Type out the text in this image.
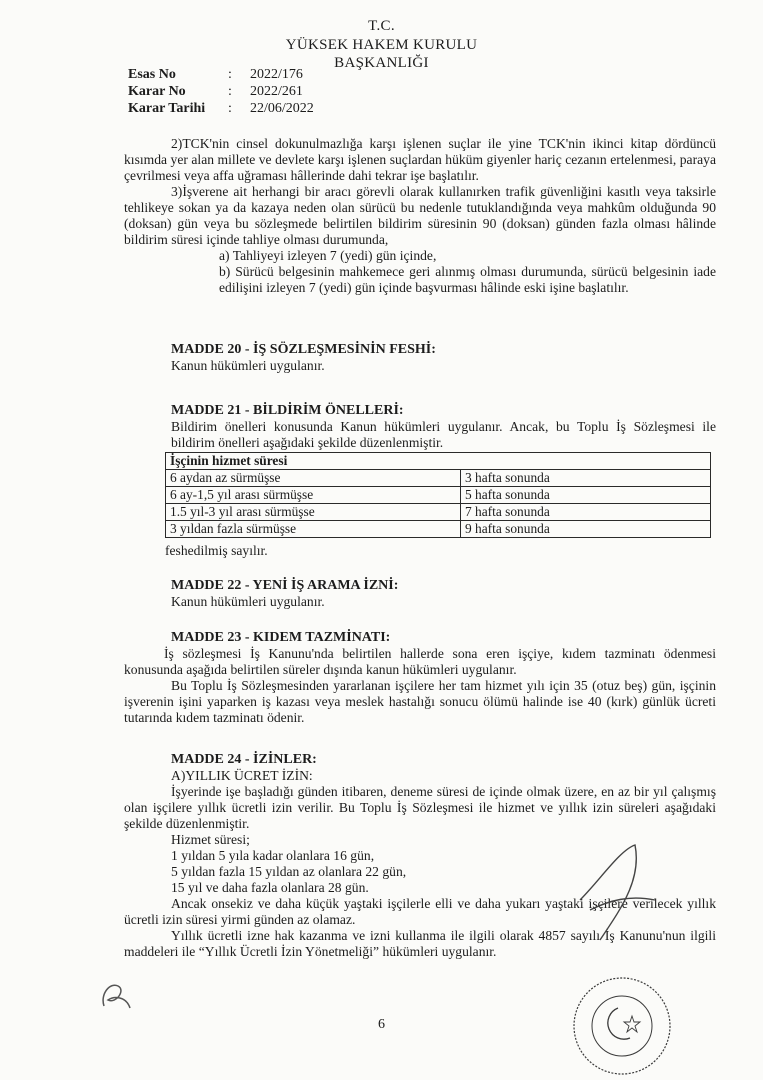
T.C.
YÜKSEK HAKEM KURULU
BAŞKANLIĞI
Esas No	:	2022/176
Karar No	:	2022/261
Karar Tarihi	:	22/06/2022

2)TCK'nin cinsel dokunulmazlığa karşı işlenen suçlar ile yine TCK'nin ikinci kitap dördüncü kısımda yer alan millete ve devlete karşı işlenen suçlardan hüküm giyenler hariç cezanın ertelenmesi, paraya çevrilmesi veya affa uğraması hâllerinde dahi tekrar işe başlatılır.

3)İşverene ait herhangi bir aracı görevli olarak kullanırken trafik güvenliğini kasıtlı veya taksirle tehlikeye sokan ya da kazaya neden olan sürücü bu nedenle tutuklandığında veya mahkûm olduğunda 90 (doksan) gün veya bu sözleşmede belirtilen bildirim süresinin 90 (doksan) günden fazla olması hâlinde bildirim süresi içinde tahliye olması durumunda,

a) Tahliyeyi izleyen 7 (yedi) gün içinde,

b) Sürücü belgesinin mahkemece geri alınmış olması durumunda, sürücü belgesinin iade edilişini izleyen 7 (yedi) gün içinde başvurması hâlinde eski işine başlatılır.

MADDE 20 - İŞ SÖZLEŞMESİNİN FESHİ:

Kanun hükümleri uygulanır.

MADDE 21 - BİLDİRİM ÖNELLERİ:

Bildirim önelleri konusunda Kanun hükümleri uygulanır. Ancak, bu Toplu İş Sözleşmesi ile bildirim önelleri aşağıdaki şekilde düzenlenmiştir.

İşçinin hizmet süresi	
6 aydan az sürmüşse	3 hafta sonunda
6 ay-1,5 yıl arası sürmüşse	5 hafta sonunda
1.5 yıl-3 yıl arası sürmüşse	7 hafta sonunda
3 yıldan fazla sürmüşse	9 hafta sonunda
feshedilmiş sayılır.

MADDE 22 - YENİ İŞ ARAMA İZNİ:

Kanun hükümleri uygulanır.

MADDE 23 - KIDEM TAZMİNATI:

İş sözleşmesi İş Kanunu'nda belirtilen hallerde sona eren işçiye, kıdem tazminatı ödenmesi konusunda aşağıda belirtilen süreler dışında kanun hükümleri uygulanır.

Bu Toplu İş Sözleşmesinden yararlanan işçilere her tam hizmet yılı için 35 (otuz beş) gün, işçinin işverenin işini yaparken iş kazası veya meslek hastalığı sonucu ölümü halinde ise 40 (kırk) günlük ücreti tutarında kıdem tazminatı ödenir.

MADDE 24 - İZİNLER:

A)YILLIK ÜCRET İZİN:

İşyerinde işe başladığı günden itibaren, deneme süresi de içinde olmak üzere, en az bir yıl çalışmış olan işçilere yıllık ücretli izin verilir. Bu Toplu İş Sözleşmesi ile hizmet ve yıllık izin süreleri aşağıdaki şekilde düzenlenmiştir.

Hizmet süresi;

1 yıldan 5 yıla kadar olanlara 16 gün,

5 yıldan fazla 15 yıldan az olanlara 22 gün,

15 yıl ve daha fazla olanlara 28 gün.

Ancak onsekiz ve daha küçük yaştaki işçilerle elli ve daha yukarı yaştaki işçilere verilecek yıllık ücretli izin süresi yirmi günden az olamaz.

Yıllık ücretli izne hak kazanma ve izni kullanma ile ilgili olarak 4857 sayılı İş Kanunu'nun ilgili maddeleri ile “Yıllık Ücretli İzin Yönetmeliği” hükümleri uygulanır.

6
